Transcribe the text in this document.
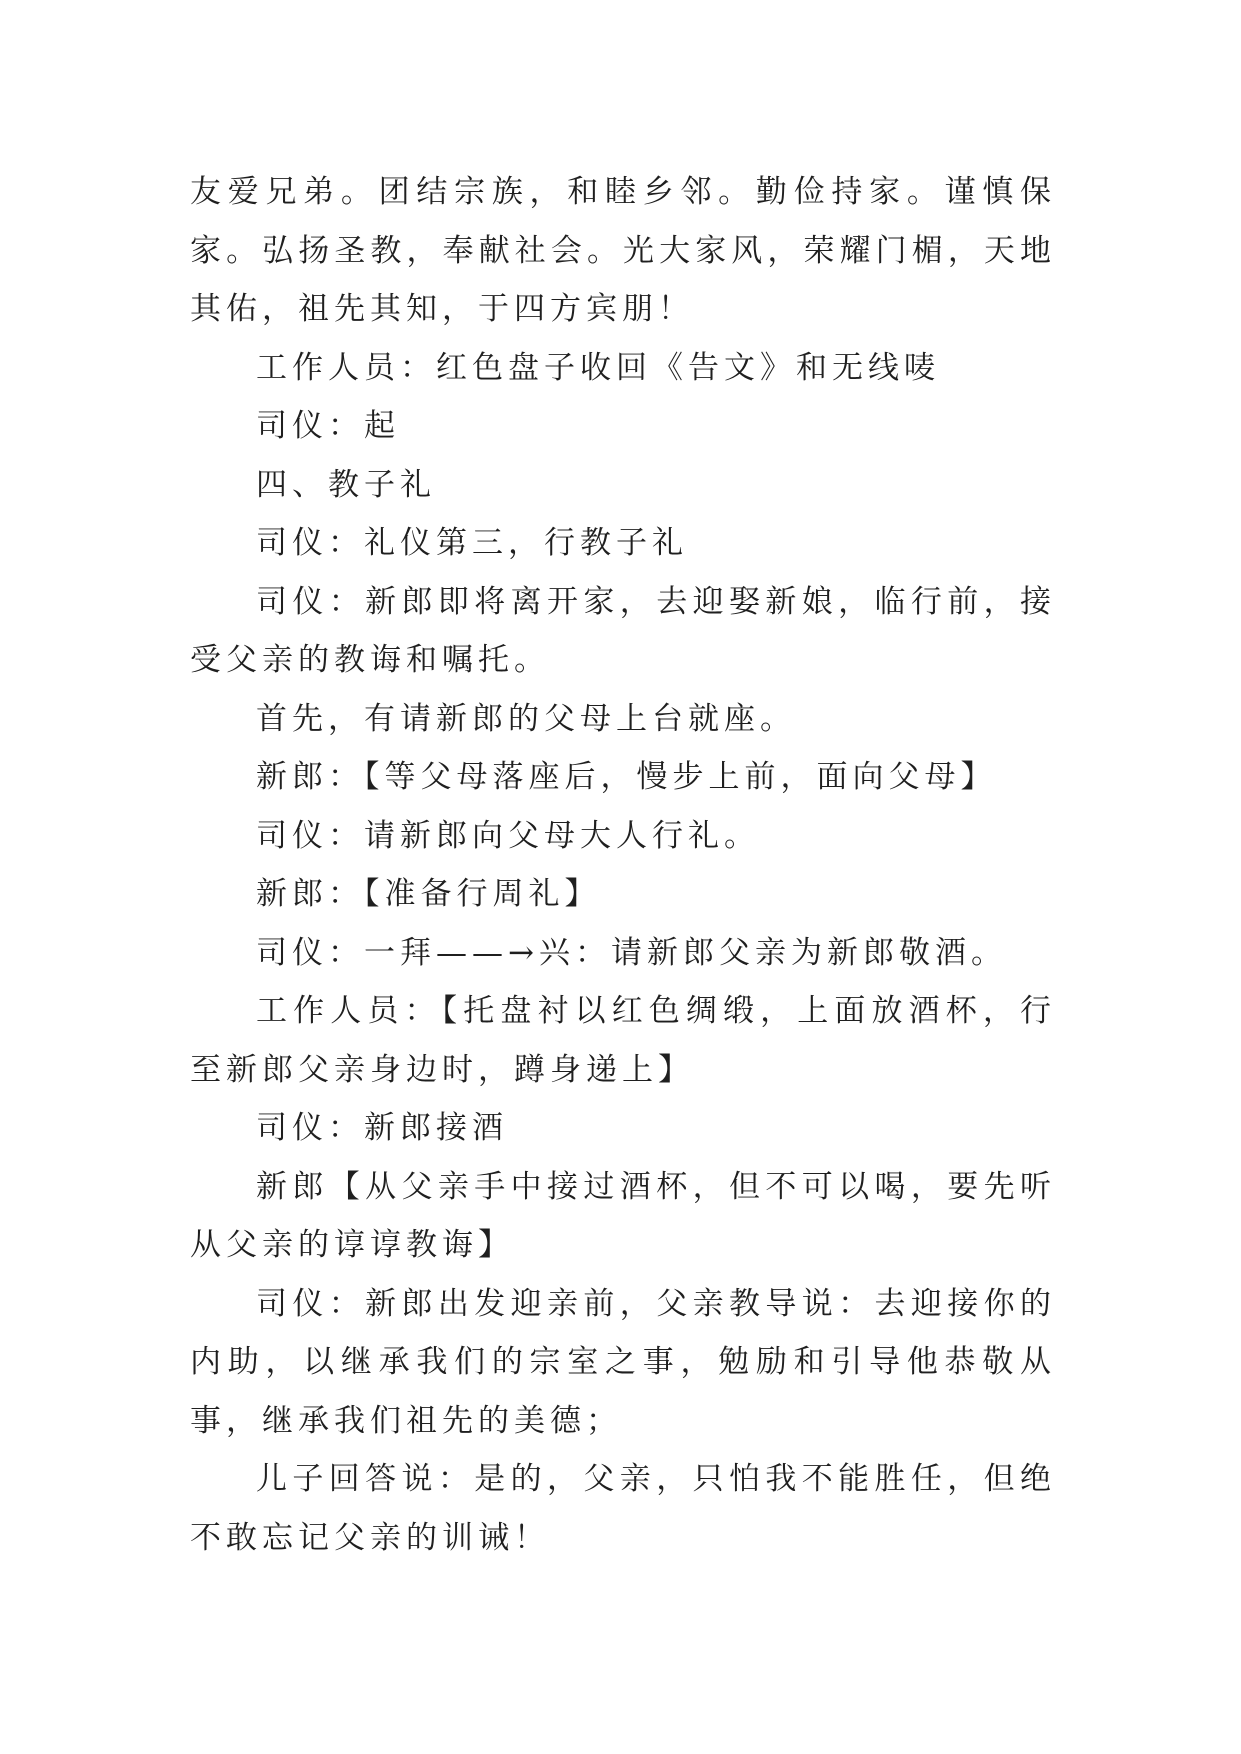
友爱兄弟。团结宗族，和睦乡邻。勤俭持家。谨慎保家。弘扬圣教，奉献社会。光大家风，荣耀门楣，天地其佑，祖先其知，于四方宾朋！

工作人员：红色盘子收回《告文》和无线唛

司仪：起

四、教子礼

司仪：礼仪第三，行教子礼

司仪：新郎即将离开家，去迎娶新娘，临行前，接受父亲的教诲和嘱托。

首先，有请新郎的父母上台就座。

新郎：【等父母落座后，慢步上前，面向父母】

司仪：请新郎向父母大人行礼。

新郎：【准备行周礼】

司仪：一拜——→兴：请新郎父亲为新郎敬酒。

工作人员：【托盘衬以红色绸缎，上面放酒杯，行至新郎父亲身边时，蹲身递上】

司仪：新郎接酒

新郎【从父亲手中接过酒杯，但不可以喝，要先听从父亲的谆谆教诲】

司仪：新郎出发迎亲前，父亲教导说：去迎接你的内助，以继承我们的宗室之事，勉励和引导他恭敬从事，继承我们祖先的美德；

儿子回答说：是的，父亲，只怕我不能胜任，但绝不敢忘记父亲的训诫！
